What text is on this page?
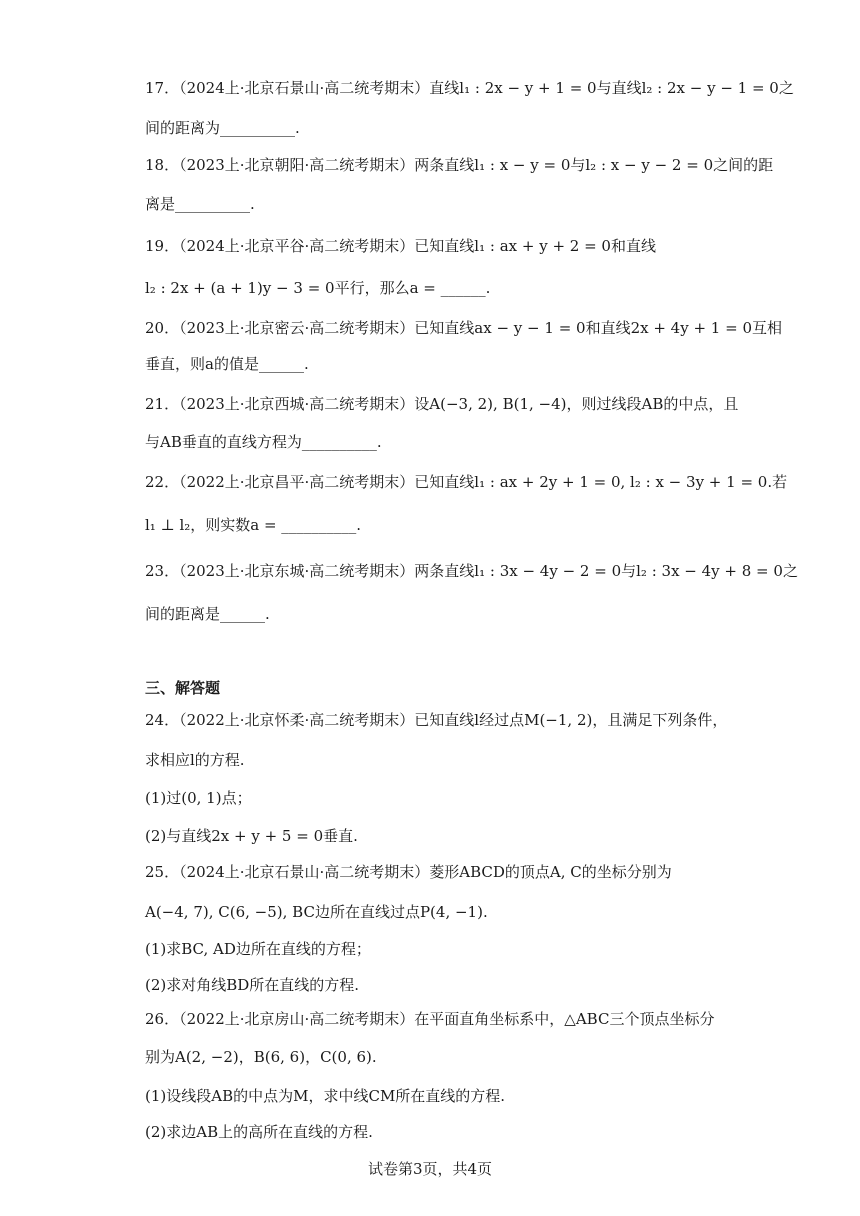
17．（2024上·北京石景山·高二统考期末）直线l₁ : 2x − y + 1 = 0与直线l₂ : 2x − y − 1 = 0之
间的距离为__________.
18．（2023上·北京朝阳·高二统考期末）两条直线l₁ : x − y = 0与l₂ : x − y − 2 = 0之间的距
离是__________.
19．（2024上·北京平谷·高二统考期末）已知直线l₁ : ax + y + 2 = 0和直线
l₂ : 2x + (a + 1)y − 3 = 0平行，那么a = ______.
20．（2023上·北京密云·高二统考期末）已知直线ax − y − 1 = 0和直线2x + 4y + 1 = 0互相
垂直，则a的值是______.
21．（2023上·北京西城·高二统考期末）设A(−3, 2), B(1, −4)，则过线段AB的中点，且
与AB垂直的直线方程为__________.
22．（2022上·北京昌平·高二统考期末）已知直线l₁ : ax + 2y + 1 = 0, l₂ : x − 3y + 1 = 0.若
l₁ ⊥ l₂，则实数a = __________.
23．（2023上·北京东城·高二统考期末）两条直线l₁ : 3x − 4y − 2 = 0与l₂ : 3x − 4y + 8 = 0之
间的距离是______.
三、解答题
24．（2022上·北京怀柔·高二统考期末）已知直线l经过点M(−1, 2)，且满足下列条件，
求相应l的方程.
(1)过(0, 1)点；
(2)与直线2x + y + 5 = 0垂直.
25．（2024上·北京石景山·高二统考期末）菱形ABCD的顶点A, C的坐标分别为
A(−4, 7), C(6, −5), BC边所在直线过点P(4, −1).
(1)求BC, AD边所在直线的方程；
(2)求对角线BD所在直线的方程.
26．（2022上·北京房山·高二统考期末）在平面直角坐标系中，△ABC三个顶点坐标分
别为A(2, −2)，B(6, 6)，C(0, 6).
(1)设线段AB的中点为M，求中线CM所在直线的方程.
(2)求边AB上的高所在直线的方程.
试卷第3页，共4页
